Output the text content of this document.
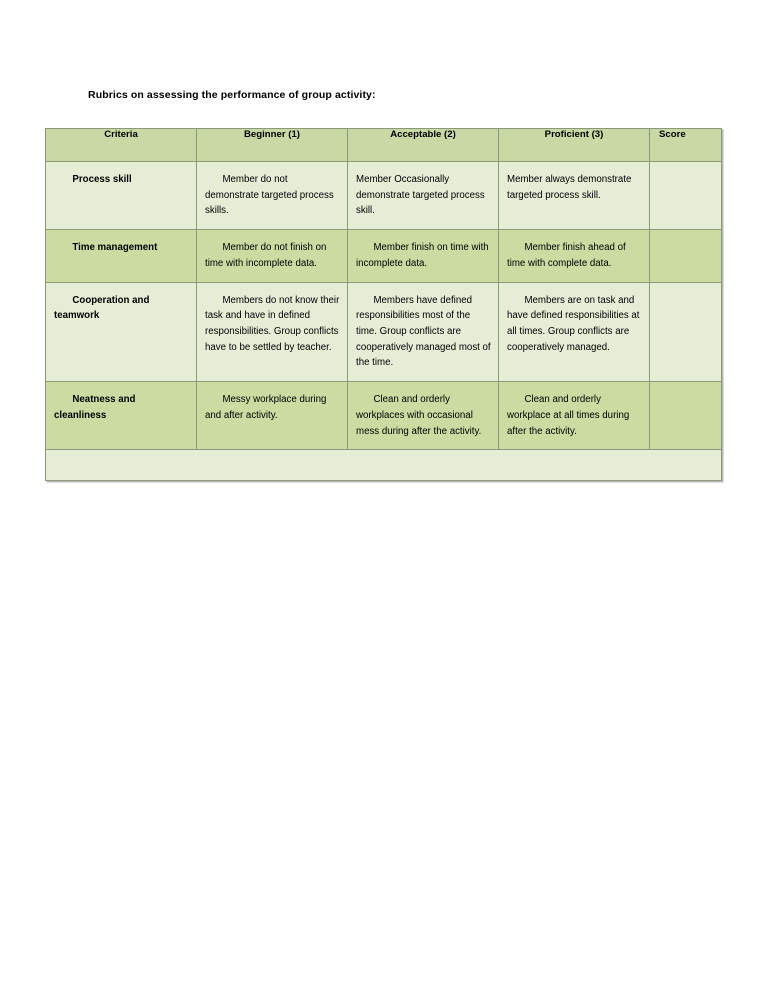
Rubrics on assessing the performance of group activity:
Criteria	Beginner (1)	Acceptable (2)	Proficient (3)	Score
Process skill	Member do not demonstrate targeted process skills.	Member Occasionally demonstrate targeted process skill.	Member always demonstrate targeted process skill.	
Time management	Member do not finish on time with incomplete data.	Member finish on time with incomplete data.	Member finish ahead of time with complete data.	
Cooperation and teamwork	Members do not know their task and have in defined responsibilities. Group conflicts have to be settled by teacher.	Members have defined responsibilities most of the time. Group conflicts are cooperatively managed most of the time.	Members are on task and have defined responsibilities at all times. Group conflicts are cooperatively managed.	
Neatness and cleanliness	Messy workplace during and after activity.	Clean and orderly workplaces with occasional mess during after the activity.	Clean and orderly workplace at all times during after the activity.	
